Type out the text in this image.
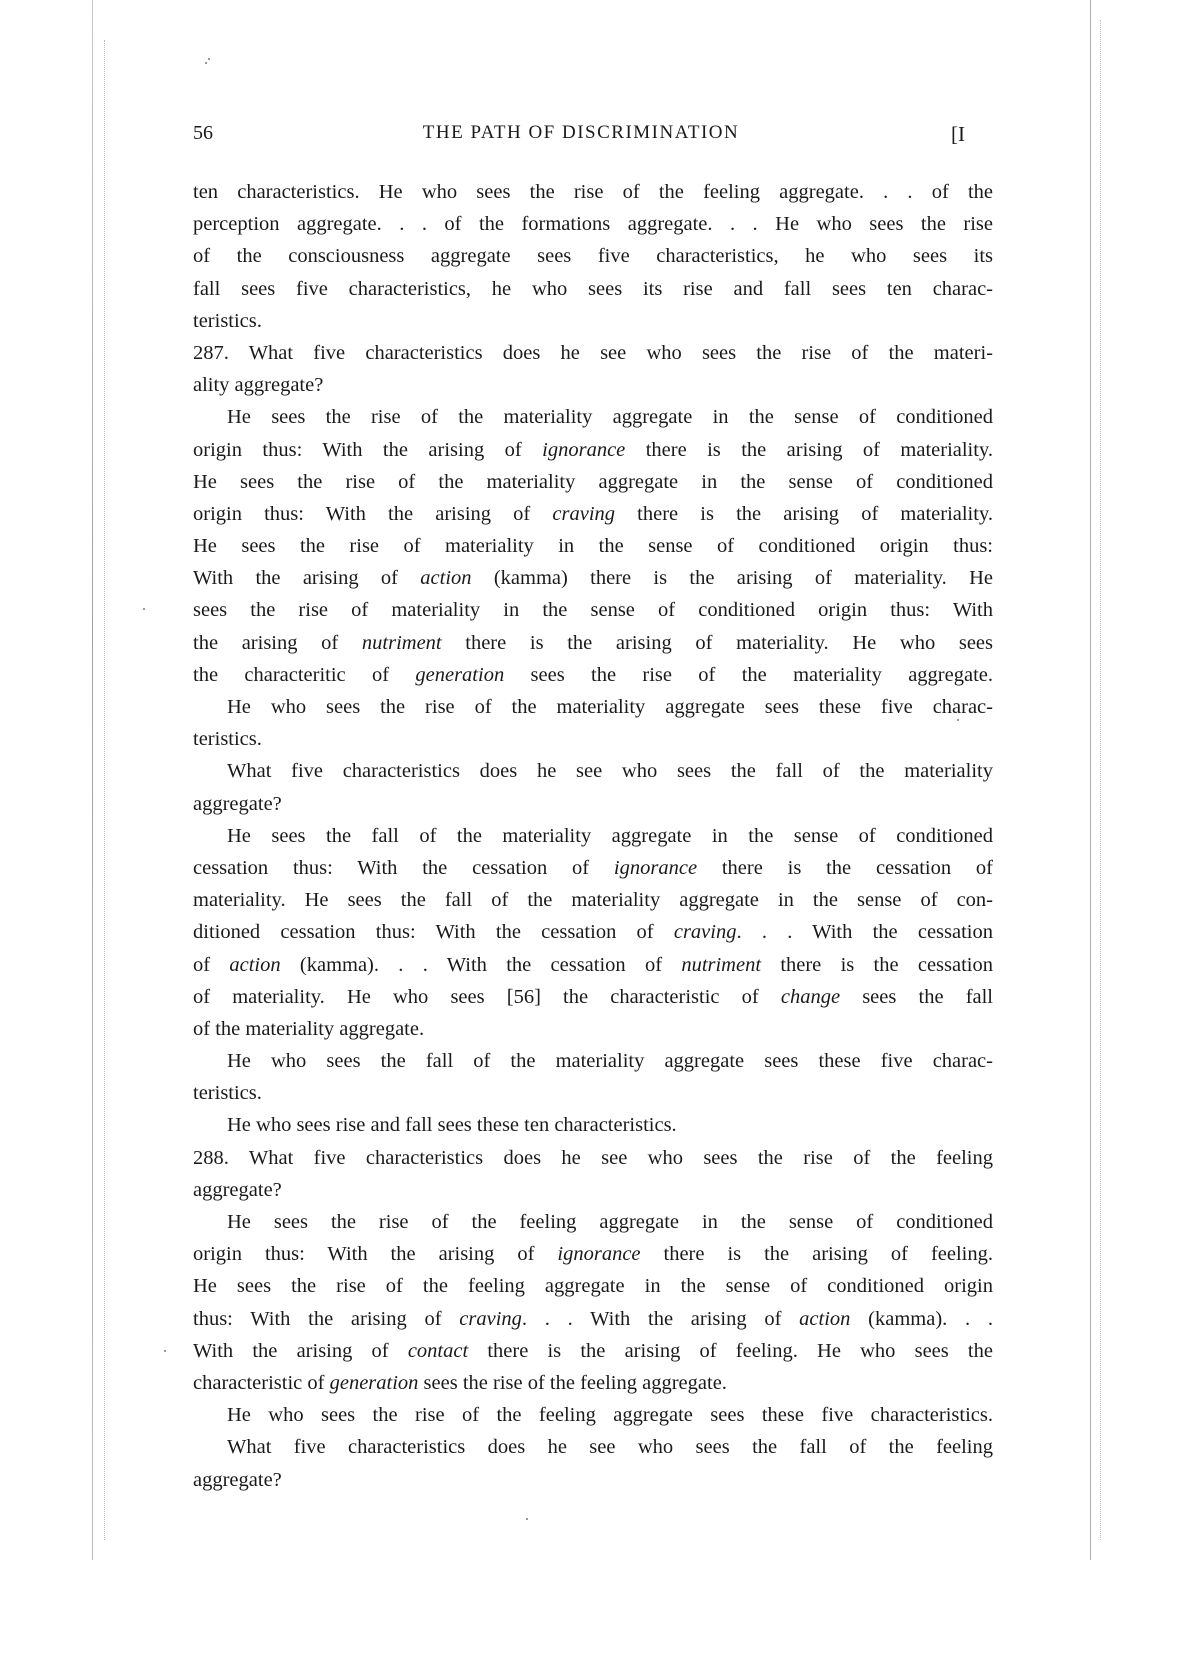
56	THE PATH OF DISCRIMINATION	[I
ten characteristics. He who sees the rise of the feeling aggregate. . . of the
perception aggregate. . . of the formations aggregate. . . He who sees the rise
of the consciousness aggregate sees five characteristics, he who sees its
fall sees five characteristics, he who sees its rise and fall sees ten charac-
teristics.
287. What five characteristics does he see who sees the rise of the materi-
ality aggregate?
He sees the rise of the materiality aggregate in the sense of conditioned
origin thus: With the arising of ignorance there is the arising of materiality.
He sees the rise of the materiality aggregate in the sense of conditioned
origin thus: With the arising of craving there is the arising of materiality.
He sees the rise of materiality in the sense of conditioned origin thus:
With the arising of action (kamma) there is the arising of materiality. He
sees the rise of materiality in the sense of conditioned origin thus: With
the arising of nutriment there is the arising of materiality. He who sees
the characteritic of generation sees the rise of the materiality aggregate.
He who sees the rise of the materiality aggregate sees these five charac-
teristics.
What five characteristics does he see who sees the fall of the materiality
aggregate?
He sees the fall of the materiality aggregate in the sense of conditioned
cessation thus: With the cessation of ignorance there is the cessation of
materiality. He sees the fall of the materiality aggregate in the sense of con-
ditioned cessation thus: With the cessation of craving. . . With the cessation
of action (kamma). . . With the cessation of nutriment there is the cessation
of materiality. He who sees [56] the characteristic of change sees the fall
of the materiality aggregate.
He who sees the fall of the materiality aggregate sees these five charac-
teristics.
He who sees rise and fall sees these ten characteristics.
288. What five characteristics does he see who sees the rise of the feeling
aggregate?
He sees the rise of the feeling aggregate in the sense of conditioned
origin thus: With the arising of ignorance there is the arising of feeling.
He sees the rise of the feeling aggregate in the sense of conditioned origin
thus: With the arising of craving. . . With the arising of action (kamma). . .
With the arising of contact there is the arising of feeling. He who sees the
characteristic of generation sees the rise of the feeling aggregate.
He who sees the rise of the feeling aggregate sees these five characteristics.
What five characteristics does he see who sees the fall of the feeling
aggregate?
